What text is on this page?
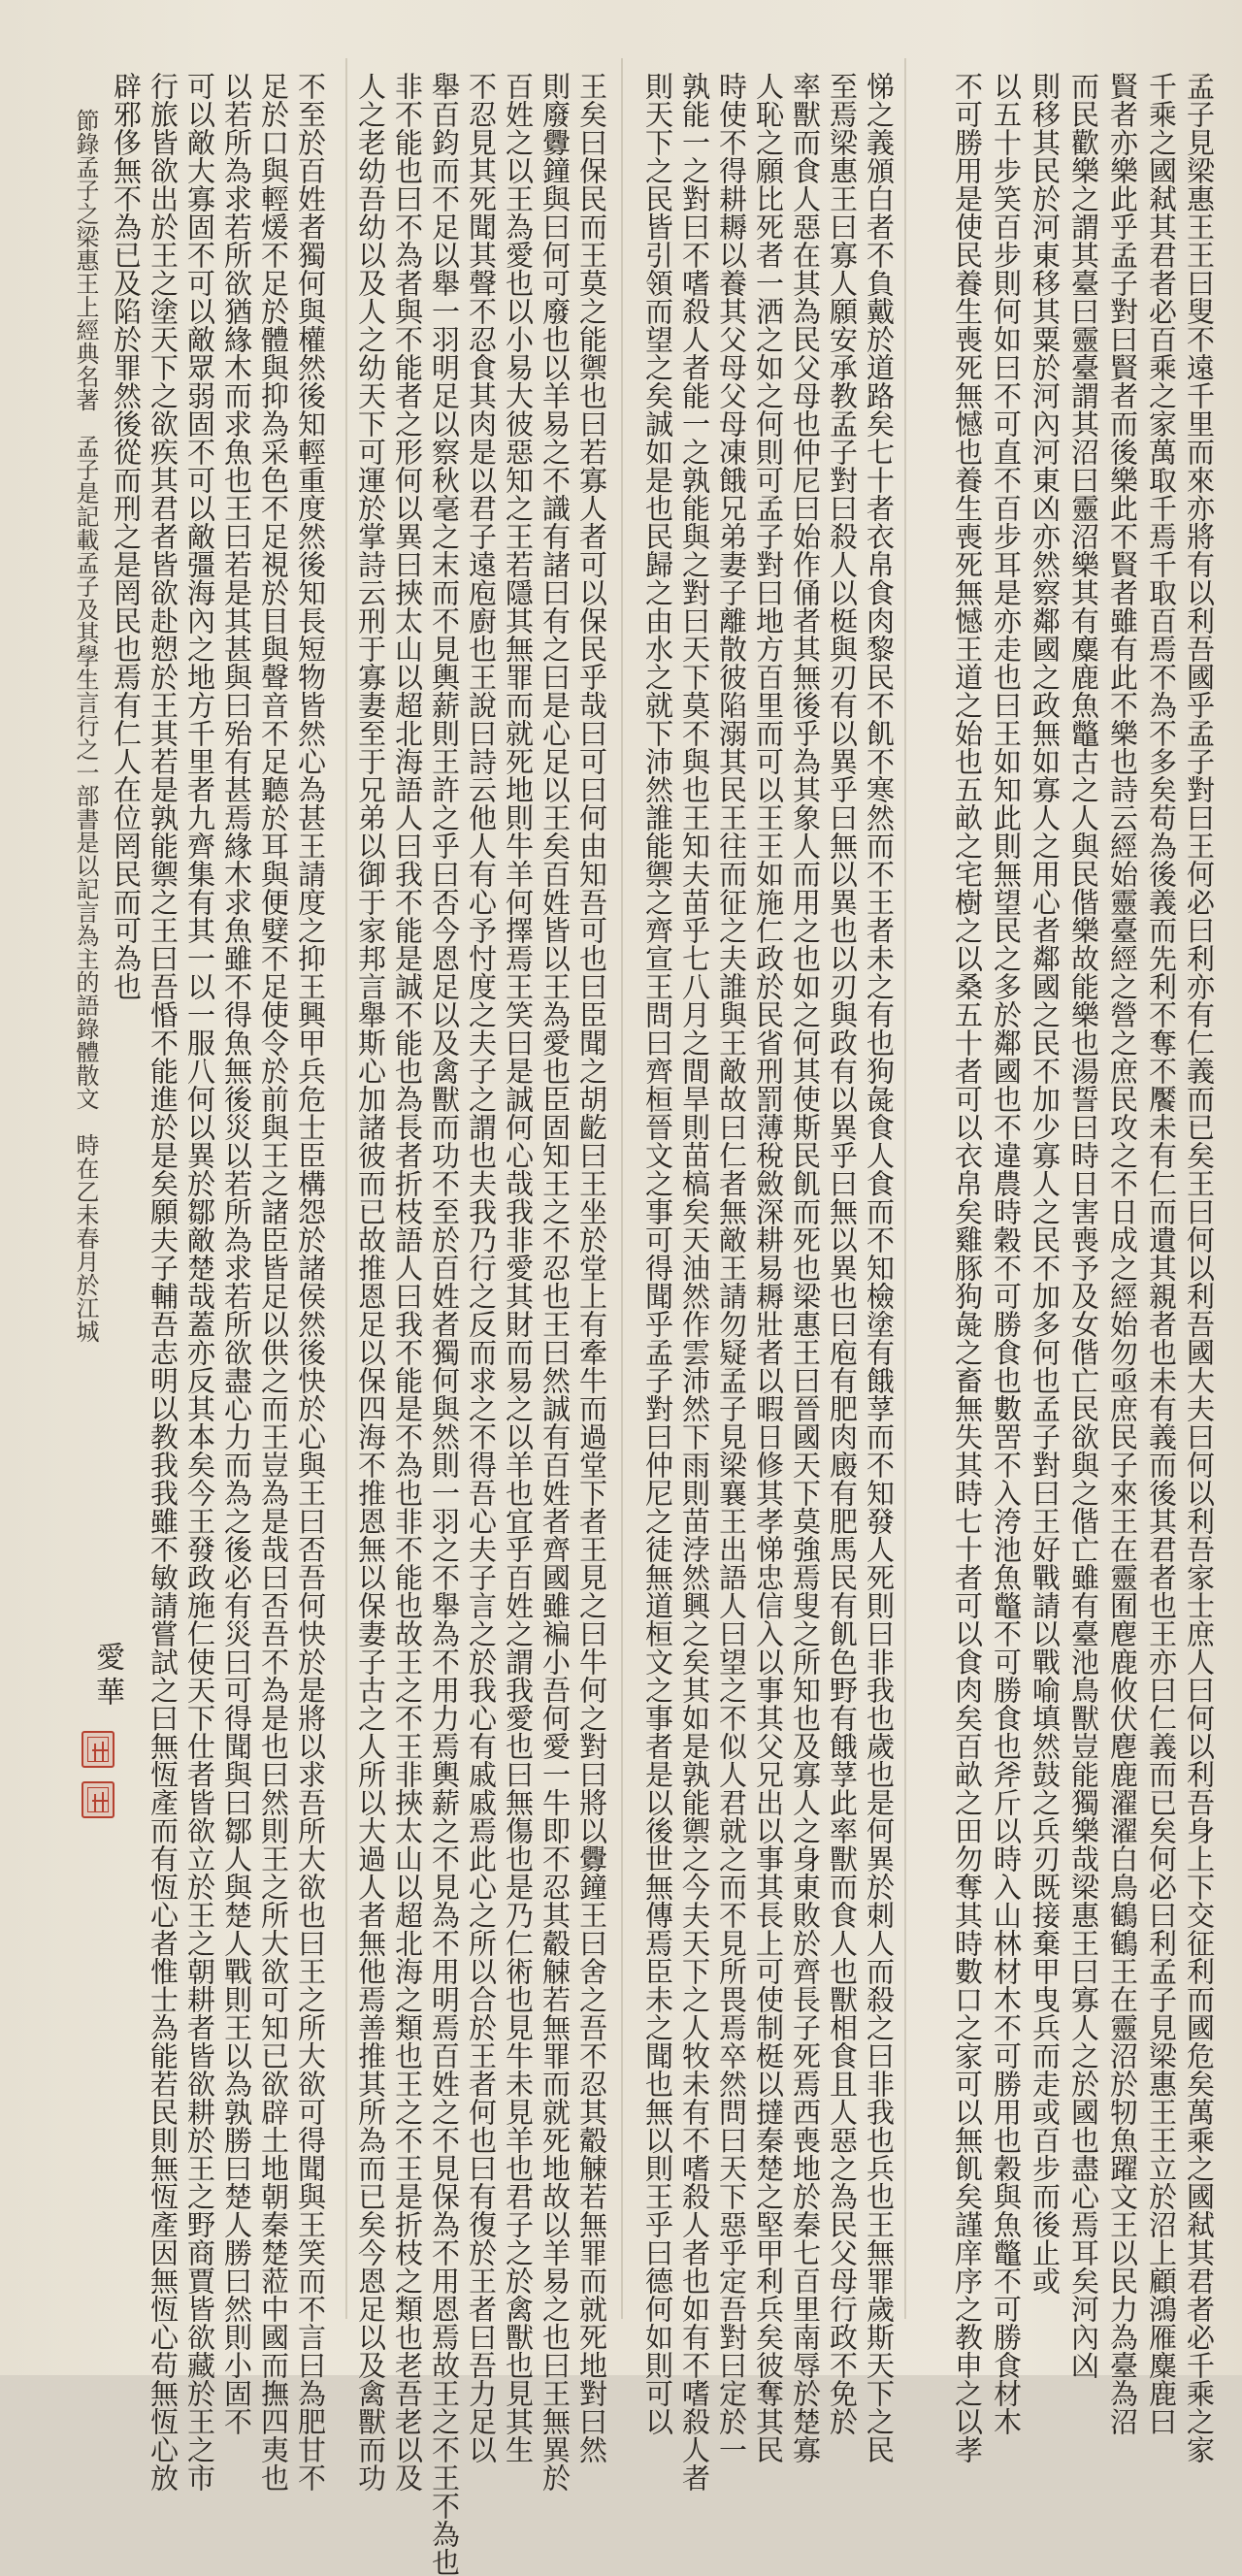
孟子見梁惠王王曰叟不遠千里而來亦將有以利吾國乎孟子對曰王何必曰利亦有仁義而已矣王曰何以利吾國大夫曰何以利吾家士庶人曰何以利吾身上下交征利而國危矣萬乘之國弒其君者必千乘之家
千乘之國弒其君者必百乘之家萬取千焉千取百焉不為不多矣苟為後義而先利不奪不饜未有仁而遺其親者也未有義而後其君者也王亦曰仁義而已矣何必曰利孟子見梁惠王王立於沼上顧鴻雁麋鹿曰
賢者亦樂此乎孟子對曰賢者而後樂此不賢者雖有此不樂也詩云經始靈臺經之營之庶民攻之不日成之經始勿亟庶民子來王在靈囿麀鹿攸伏麀鹿濯濯白鳥鶴鶴王在靈沼於牣魚躍文王以民力為臺為沼
而民歡樂之謂其臺曰靈臺謂其沼曰靈沼樂其有麋鹿魚鼈古之人與民偕樂故能樂也湯誓曰時日害喪予及女偕亡民欲與之偕亡雖有臺池鳥獸豈能獨樂哉梁惠王曰寡人之於國也盡心焉耳矣河內凶
則移其民於河東移其粟於河內河東凶亦然察鄰國之政無如寡人之用心者鄰國之民不加少寡人之民不加多何也孟子對曰王好戰請以戰喻填然鼓之兵刃既接棄甲曳兵而走或百步而後止或
以五十步笑百步則何如曰不可直不百步耳是亦走也曰王如知此則無望民之多於鄰國也不違農時穀不可勝食也數罟不入洿池魚鼈不可勝食也斧斤以時入山林材木不可勝用也穀與魚鼈不可勝食材木
不可勝用是使民養生喪死無憾也養生喪死無憾王道之始也五畝之宅樹之以桑五十者可以衣帛矣雞豚狗彘之畜無失其時七十者可以食肉矣百畝之田勿奪其時數口之家可以無飢矣謹庠序之教申之以孝
悌之義頒白者不負戴於道路矣七十者衣帛食肉黎民不飢不寒然而不王者未之有也狗彘食人食而不知檢塗有餓莩而不知發人死則曰非我也歲也是何異於刺人而殺之曰非我也兵也王無罪歲斯天下之民
至焉梁惠王曰寡人願安承教孟子對曰殺人以梃與刃有以異乎曰無以異也以刃與政有以異乎曰無以異也曰庖有肥肉廄有肥馬民有飢色野有餓莩此率獸而食人也獸相食且人惡之為民父母行政不免於
率獸而食人惡在其為民父母也仲尼曰始作俑者其無後乎為其象人而用之也如之何其使斯民飢而死也梁惠王曰晉國天下莫強焉叟之所知也及寡人之身東敗於齊長子死焉西喪地於秦七百里南辱於楚寡
人恥之願比死者一洒之如之何則可孟子對曰地方百里而可以王王如施仁政於民省刑罰薄稅斂深耕易耨壯者以暇日修其孝悌忠信入以事其父兄出以事其長上可使制梃以撻秦楚之堅甲利兵矣彼奪其民
時使不得耕耨以養其父母父母凍餓兄弟妻子離散彼陷溺其民王往而征之夫誰與王敵故曰仁者無敵王請勿疑孟子見梁襄王出語人曰望之不似人君就之而不見所畏焉卒然問曰天下惡乎定吾對曰定於一
孰能一之對曰不嗜殺人者能一之孰能與之對曰天下莫不與也王知夫苗乎七八月之間旱則苗槁矣天油然作雲沛然下雨則苗浡然興之矣其如是孰能禦之今夫天下之人牧未有不嗜殺人者也如有不嗜殺人者
則天下之民皆引領而望之矣誠如是也民歸之由水之就下沛然誰能禦之齊宣王問曰齊桓晉文之事可得聞乎孟子對曰仲尼之徒無道桓文之事者是以後世無傳焉臣未之聞也無以則王乎曰德何如則可以
王矣曰保民而王莫之能禦也曰若寡人者可以保民乎哉曰可曰何由知吾可也曰臣聞之胡齕曰王坐於堂上有牽牛而過堂下者王見之曰牛何之對曰將以釁鐘王曰舍之吾不忍其觳觫若無罪而就死地對曰然
則廢釁鐘與曰何可廢也以羊易之不識有諸曰有之曰是心足以王矣百姓皆以王為愛也臣固知王之不忍也王曰然誠有百姓者齊國雖褊小吾何愛一牛即不忍其觳觫若無罪而就死地故以羊易之也曰王無異於
百姓之以王為愛也以小易大彼惡知之王若隱其無罪而就死地則牛羊何擇焉王笑曰是誠何心哉我非愛其財而易之以羊也宜乎百姓之謂我愛也曰無傷也是乃仁術也見牛未見羊也君子之於禽獸也見其生
不忍見其死聞其聲不忍食其肉是以君子遠庖廚也王說曰詩云他人有心予忖度之夫子之謂也夫我乃行之反而求之不得吾心夫子言之於我心有戚戚焉此心之所以合於王者何也曰有復於王者曰吾力足以
舉百鈞而不足以舉一羽明足以察秋毫之末而不見輿薪則王許之乎曰否今恩足以及禽獸而功不至於百姓者獨何與然則一羽之不舉為不用力焉輿薪之不見為不用明焉百姓之不見保為不用恩焉故王之不王不為也
非不能也曰不為者與不能者之形何以異曰挾太山以超北海語人曰我不能是誠不能也為長者折枝語人曰我不能是不為也非不能也故王之不王非挾太山以超北海之類也王之不王是折枝之類也老吾老以及
人之老幼吾幼以及人之幼天下可運於掌詩云刑于寡妻至于兄弟以御于家邦言舉斯心加諸彼而已故推恩足以保四海不推恩無以保妻子古之人所以大過人者無他焉善推其所為而已矣今恩足以及禽獸而功
不至於百姓者獨何與權然後知輕重度然後知長短物皆然心為甚王請度之抑王興甲兵危士臣構怨於諸侯然後快於心與王曰否吾何快於是將以求吾所大欲也曰王之所大欲可得聞與王笑而不言曰為肥甘不
足於口與輕煖不足於體與抑為采色不足視於目與聲音不足聽於耳與便嬖不足使令於前與王之諸臣皆足以供之而王豈為是哉曰否吾不為是也曰然則王之所大欲可知已欲辟土地朝秦楚蒞中國而撫四夷也
以若所為求若所欲猶緣木而求魚也王曰若是其甚與曰殆有甚焉緣木求魚雖不得魚無後災以若所為求若所欲盡心力而為之後必有災曰可得聞與曰鄒人與楚人戰則王以為孰勝曰楚人勝曰然則小固不
可以敵大寡固不可以敵眾弱固不可以敵彊海內之地方千里者九齊集有其一以一服八何以異於鄒敵楚哉蓋亦反其本矣今王發政施仁使天下仕者皆欲立於王之朝耕者皆欲耕於王之野商賈皆欲藏於王之市
行旅皆欲出於王之塗天下之欲疾其君者皆欲赴愬於王其若是孰能禦之王曰吾惛不能進於是矣願夫子輔吾志明以教我我雖不敏請嘗試之曰無恆產而有恆心者惟士為能若民則無恆產因無恆心苟無恆心放
辟邪侈無不為已及陷於罪然後從而刑之是罔民也焉有仁人在位罔民而可為也
節錄孟子之梁惠王上經典名著　孟子是記載孟子及其學生言行之一部書是以記言為主的語錄體散文　時在乙未春月於江城
愛華
